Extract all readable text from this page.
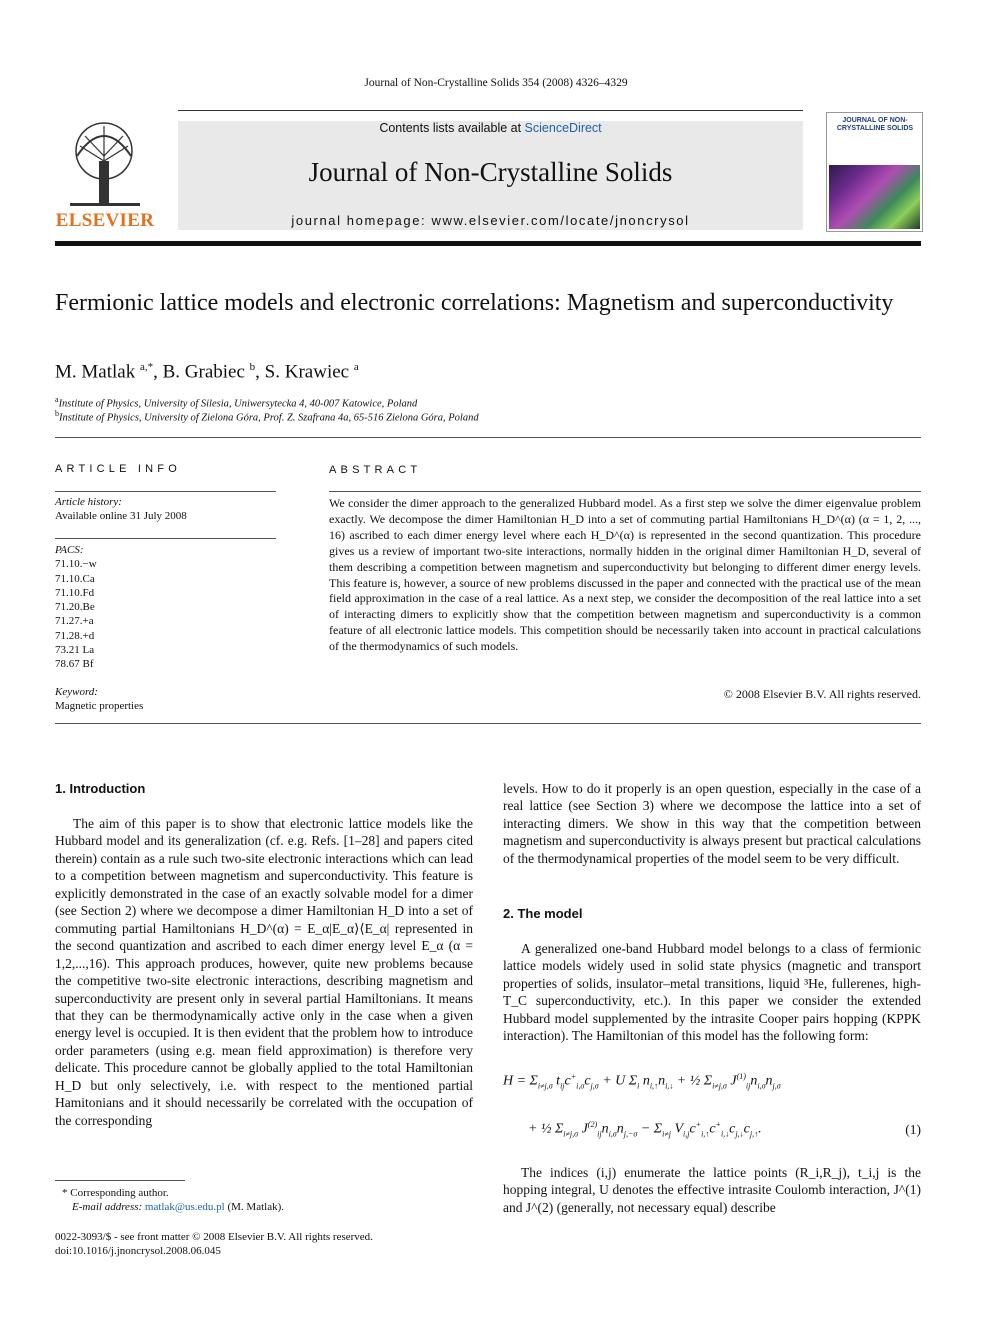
Journal of Non-Crystalline Solids 354 (2008) 4326–4329
ELSEVIER
Contents lists available at ScienceDirect
Journal of Non-Crystalline Solids
journal homepage: www.elsevier.com/locate/jnoncrysol
JOURNAL OF NON-CRYSTALLINE SOLIDS
Fermionic lattice models and electronic correlations: Magnetism and superconductivity
M. Matlak $^{a,*}$, B. Grabiec $^b$, S. Krawiec $^a$
$^a$Institute of Physics, University of Silesia, Uniwersytecka 4, 40-007 Katowice, Poland
$^b$Institute of Physics, University of Zielona Góra, Prof. Z. Szafrana 4a, 65-516 Zielona Góra, Poland
ARTICLE INFO
Article history:
Available online 31 July 2008
PACS:
71.10.−w
71.10.Ca
71.10.Fd
71.20.Be
71.27.+a
71.28.+d
73.21 La
78.67 Bf
Keyword:
Magnetic properties
ABSTRACT

We consider the dimer approach to the generalized Hubbard model. As a first step we solve the dimer eigenvalue problem exactly. We decompose the dimer Hamiltonian H_D into a set of commuting partial Hamiltonians H_D^(α) (α = 1, 2, ..., 16) ascribed to each dimer energy level where each H_D^(α) is represented in the second quantization. This procedure gives us a review of important two-site interactions, normally hidden in the original dimer Hamiltonian H_D, several of them describing a competition between magnetism and superconductivity but belonging to different dimer energy levels. This feature is, however, a source of new problems discussed in the paper and connected with the practical use of the mean field approximation in the case of a real lattice. As a next step, we consider the decomposition of the real lattice into a set of interacting dimers to explicitly show that the competition between magnetism and superconductivity is a common feature of all electronic lattice models. This competition should be necessarily taken into account in practical calculations of the thermodynamics of such models.

© 2008 Elsevier B.V. All rights reserved.
1. Introduction

The aim of this paper is to show that electronic lattice models like the Hubbard model and its generalization (cf. e.g. Refs. [1–28] and papers cited therein) contain as a rule such two-site electronic interactions which can lead to a competition between magnetism and superconductivity. This feature is explicitly demonstrated in the case of an exactly solvable model for a dimer (see Section 2) where we decompose a dimer Hamiltonian H_D into a set of commuting partial Hamiltonians H_D^(α) = E_α|E_α⟩⟨E_α| represented in the second quantization and ascribed to each dimer energy level E_α (α = 1,2,...,16). This approach produces, however, quite new problems because the competitive two-site electronic interactions, describing magnetism and superconductivity are present only in several partial Hamiltonians. It means that they can be thermodynamically active only in the case when a given energy level is occupied. It is then evident that the problem how to introduce order parameters (using e.g. mean field approximation) is therefore very delicate. This procedure cannot be globally applied to the total Hamiltonian H_D but only selectively, i.e. with respect to the mentioned partial Hamitonians and it should necessarily be correlated with the occupation of the corresponding

levels. How to do it properly is an open question, especially in the case of a real lattice (see Section 3) where we decompose the lattice into a set of interacting dimers. We show in this way that the competition between magnetism and superconductivity is always present but practical calculations of the thermodynamical properties of the model seem to be very difficult.

2. The model

A generalized one-band Hubbard model belongs to a class of fermionic lattice models widely used in solid state physics (magnetic and transport properties of solids, insulator–metal transitions, liquid ³He, fullerenes, high-T_C superconductivity, etc.). In this paper we consider the extended Hubbard model supplemented by the intrasite Cooper pairs hopping (KPPK interaction). The Hamiltonian of this model has the following form:

$H = \Sigma_{i\ne j,\sigma}$ $t_{ij}c^+_{i,\sigma}c_{j,\sigma} + U$ $\Sigma_i$ $n_{i,↑}n_{i,↓}$ + ½ $\Sigma_{i\ne j,\sigma}$ $J^{(1)}_{ij}n_{i,\sigma}n_{j,\sigma}$
+ ½ $\Sigma_{i\ne j,\sigma}$ $J^{(2)}_{ij}n_{i,\sigma}n_{j,-\sigma} - \Sigma_{i\ne j}$ $V_{i,j}c^+_{i,↑}c^+_{i,↓}c_{j,↓}c_{j,↑}$.	(1)

The indices (i,j) enumerate the lattice points (R_i,R_j), t_i,j is the hopping integral, U denotes the effective intrasite Coulomb interaction, J^(1) and J^(2) (generally, not necessary equal) describe

* Corresponding author.
E-mail address: matlak@us.edu.pl (M. Matlak).
0022-3093/$ - see front matter © 2008 Elsevier B.V. All rights reserved.
doi:10.1016/j.jnoncrysol.2008.06.045
